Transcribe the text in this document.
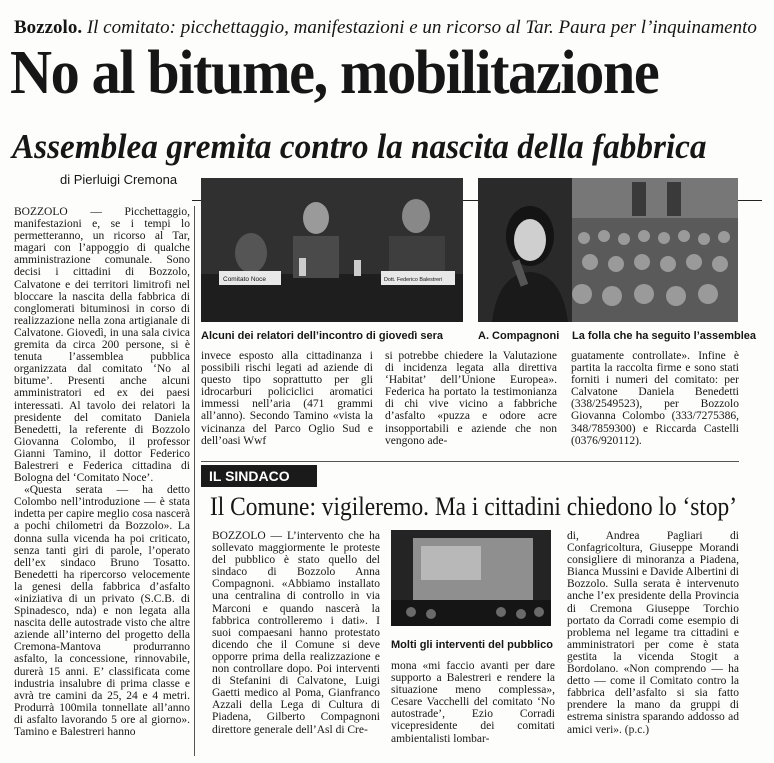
Bozzolo. Il comitato: picchettaggio, manifestazioni e un ricorso al Tar. Paura per l’inquinamento
No al bitume, mobilitazione
Assemblea gremita contro la nascita della fabbrica
di Pierluigi Cremona

BOZZOLO — Picchettaggio, manifestazioni e, se i tempi lo permetteranno, un ricorso al Tar, magari con l’appoggio di qualche amministrazione comunale. Sono decisi i cittadini di Bozzolo, Calvatone e dei territori limitrofi nel bloccare la nascita della fabbrica di conglomerati bituminosi in corso di realizzazione nella zona artigianale di Calvatone. Giovedì, in una sala civica gremita da circa 200 persone, si è tenuta l’assemblea pubblica organizzata dal comitato ‘No al bitume’. Presenti anche alcuni amministratori ed ex dei paesi interessati. Al tavolo dei relatori la presidente del comitato Daniela Benedetti, la referente di Bozzolo Giovanna Colombo, il professor Gianni Tamino, il dottor Federico Balestreri e Federica cittadina di Bologna del ‘Comitato Noce’.

«Questa serata — ha detto Colombo nell’introduzione — è stata indetta per capire meglio cosa nascerà a pochi chilometri da Bozzolo». La donna sulla vicenda ha poi criticato, senza tanti giri di parole, l’operato dell’ex sindaco Bruno Tosatto. Benedetti ha ripercorso velocemente la genesi della fabbrica d’asfalto «iniziativa di un privato (S.C.B. di Spinadesco, nda) e non legata alla nascita delle autostrade visto che altre aziende all’interno del progetto della Cremona-Mantova produrranno asfalto, la concessione, rinnovabile, durerà 15 anni. E’ classificata come industria insalubre di prima classe e avrà tre camini da 25, 24 e 4 metri. Produrrà 100mila tonnellate all’anno di asfalto lavorando 5 ore al giorno». Tamino e Balestreri hanno

Comitato Noce	Dott. Federico Balestreri
Alcuni dei relatori dell’incontro di giovedì sera	A. Compagnoni La folla che ha seguito l’assemblea

invece esposto alla cittadinanza i possibili rischi legati ad aziende di questo tipo soprattutto per gli idrocarburi policiclici aromatici immessi nell’aria (471 grammi all’anno). Secondo Tamino «vista la vicinanza del Parco Oglio Sud e dell’oasi Wwf

si potrebbe chiedere la Valutazione di incidenza legata alla direttiva ‘Habitat’ dell’Unione Europea». Federica ha portato la testimonianza di chi vive vicino a fabbriche d’asfalto «puzza e odore acre insopportabili e aziende che non vengono ade-

guatamente controllate». Infine è partita la raccolta firme e sono stati forniti i numeri del comitato: per Calvatone Daniela Benedetti (338/2549523), per Bozzolo Giovanna Colombo (333/7275386, 348/7859300) e Riccarda Castelli (0376/920112).

IL SINDACO
Il Comune: vigileremo. Ma i cittadini chiedono lo ‘stop’

BOZZOLO — L’intervento che ha sollevato maggiormente le proteste del pubblico è stato quello del sindaco di Bozzolo Anna Compagnoni. «Abbiamo installato una centralina di controllo in via Marconi e quando nascerà la fabbrica controlleremo i dati». I suoi compaesani hanno protestato dicendo che il Comune si deve opporre prima della realizzazione e non controllare dopo. Poi interventi di Stefanini di Calvatone, Luigi Gaetti medico al Poma, Gianfranco Azzali della Lega di Cultura di Piadena, Gilberto Compagnoni direttore generale dell’Asl di Cre-

Molti gli interventi del pubblico

mona «mi faccio avanti per dare supporto a Balestreri e rendere la situazione meno complessa», Cesare Vacchelli del comitato ‘No autostrade’, Ezio Corradi vicepresidente dei comitati ambientalisti lombar-

di, Andrea Pagliari di Confagricoltura, Giuseppe Morandi consigliere di minoranza a Piadena, Bianca Mussini e Davide Albertini di Bozzolo. Sulla serata è intervenuto anche l’ex presidente della Provincia di Cremona Giuseppe Torchio portato da Corradi come esempio di problema nel legame tra cittadini e amministratori per come è stata gestita la vicenda Stogit a Bordolano. «Non comprendo — ha detto — come il Comitato contro la fabbrica dell’asfalto si sia fatto prendere la mano da gruppi di estrema sinistra sparando addosso ad amici veri». (p.c.)
